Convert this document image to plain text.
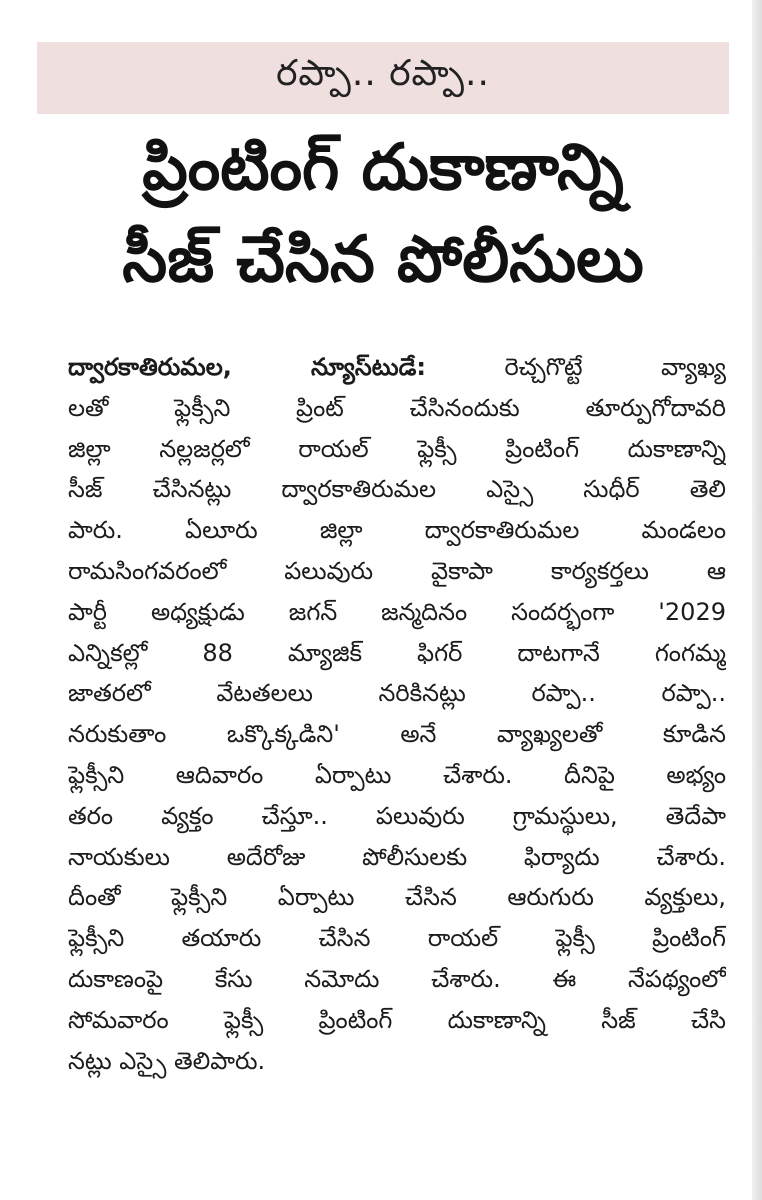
రప్పా.. రప్పా..
ప్రింటింగ్ దుకాణాన్ని
సీజ్ చేసిన పోలీసులు
ద్వారకాతిరుమల, న్యూస్‌టుడే:	రెచ్చగొట్టే వ్యాఖ్య
లతో ఫ్లెక్సీని ప్రింట్ చేసినందుకు తూర్పుగోదావరి
జిల్లా నల్లజర్లలో రాయల్ ఫ్లెక్సీ ప్రింటింగ్ దుకాణాన్ని
సీజ్ చేసినట్లు ద్వారకాతిరుమల ఎస్సై సుధీర్ తెలి
పారు. ఏలూరు జిల్లా ద్వారకాతిరుమల మండలం
రామసింగవరంలో పలువురు వైకాపా కార్యకర్తలు ఆ
పార్టీ అధ్యక్షుడు జగన్ జన్మదినం సందర్భంగా '2029
ఎన్నికల్లో 88 మ్యాజిక్ ఫిగర్ దాటగానే గంగమ్మ
జాతరలో వేటతలలు నరికినట్లు రప్పా.. రప్పా..
నరుకుతాం ఒక్కొక్కడిని' అనే వ్యాఖ్యలతో కూడిన
ఫ్లెక్సీని ఆదివారం ఏర్పాటు చేశారు. దీనిపై అభ్యం
తరం వ్యక్తం చేస్తూ.. పలువురు గ్రామస్థులు, తెదేపా
నాయకులు అదేరోజు పోలీసులకు ఫిర్యాదు చేశారు.
దీంతో ఫ్లెక్సీని ఏర్పాటు చేసిన ఆరుగురు వ్యక్తులు,
ఫ్లెక్సీని తయారు చేసిన రాయల్ ఫ్లెక్సీ ప్రింటింగ్
దుకాణంపై కేసు నమోదు చేశారు. ఈ నేపథ్యంలో
సోమవారం ఫ్లెక్సీ ప్రింటింగ్ దుకాణాన్ని సీజ్ చేసి
నట్లు ఎస్సై తెలిపారు.
